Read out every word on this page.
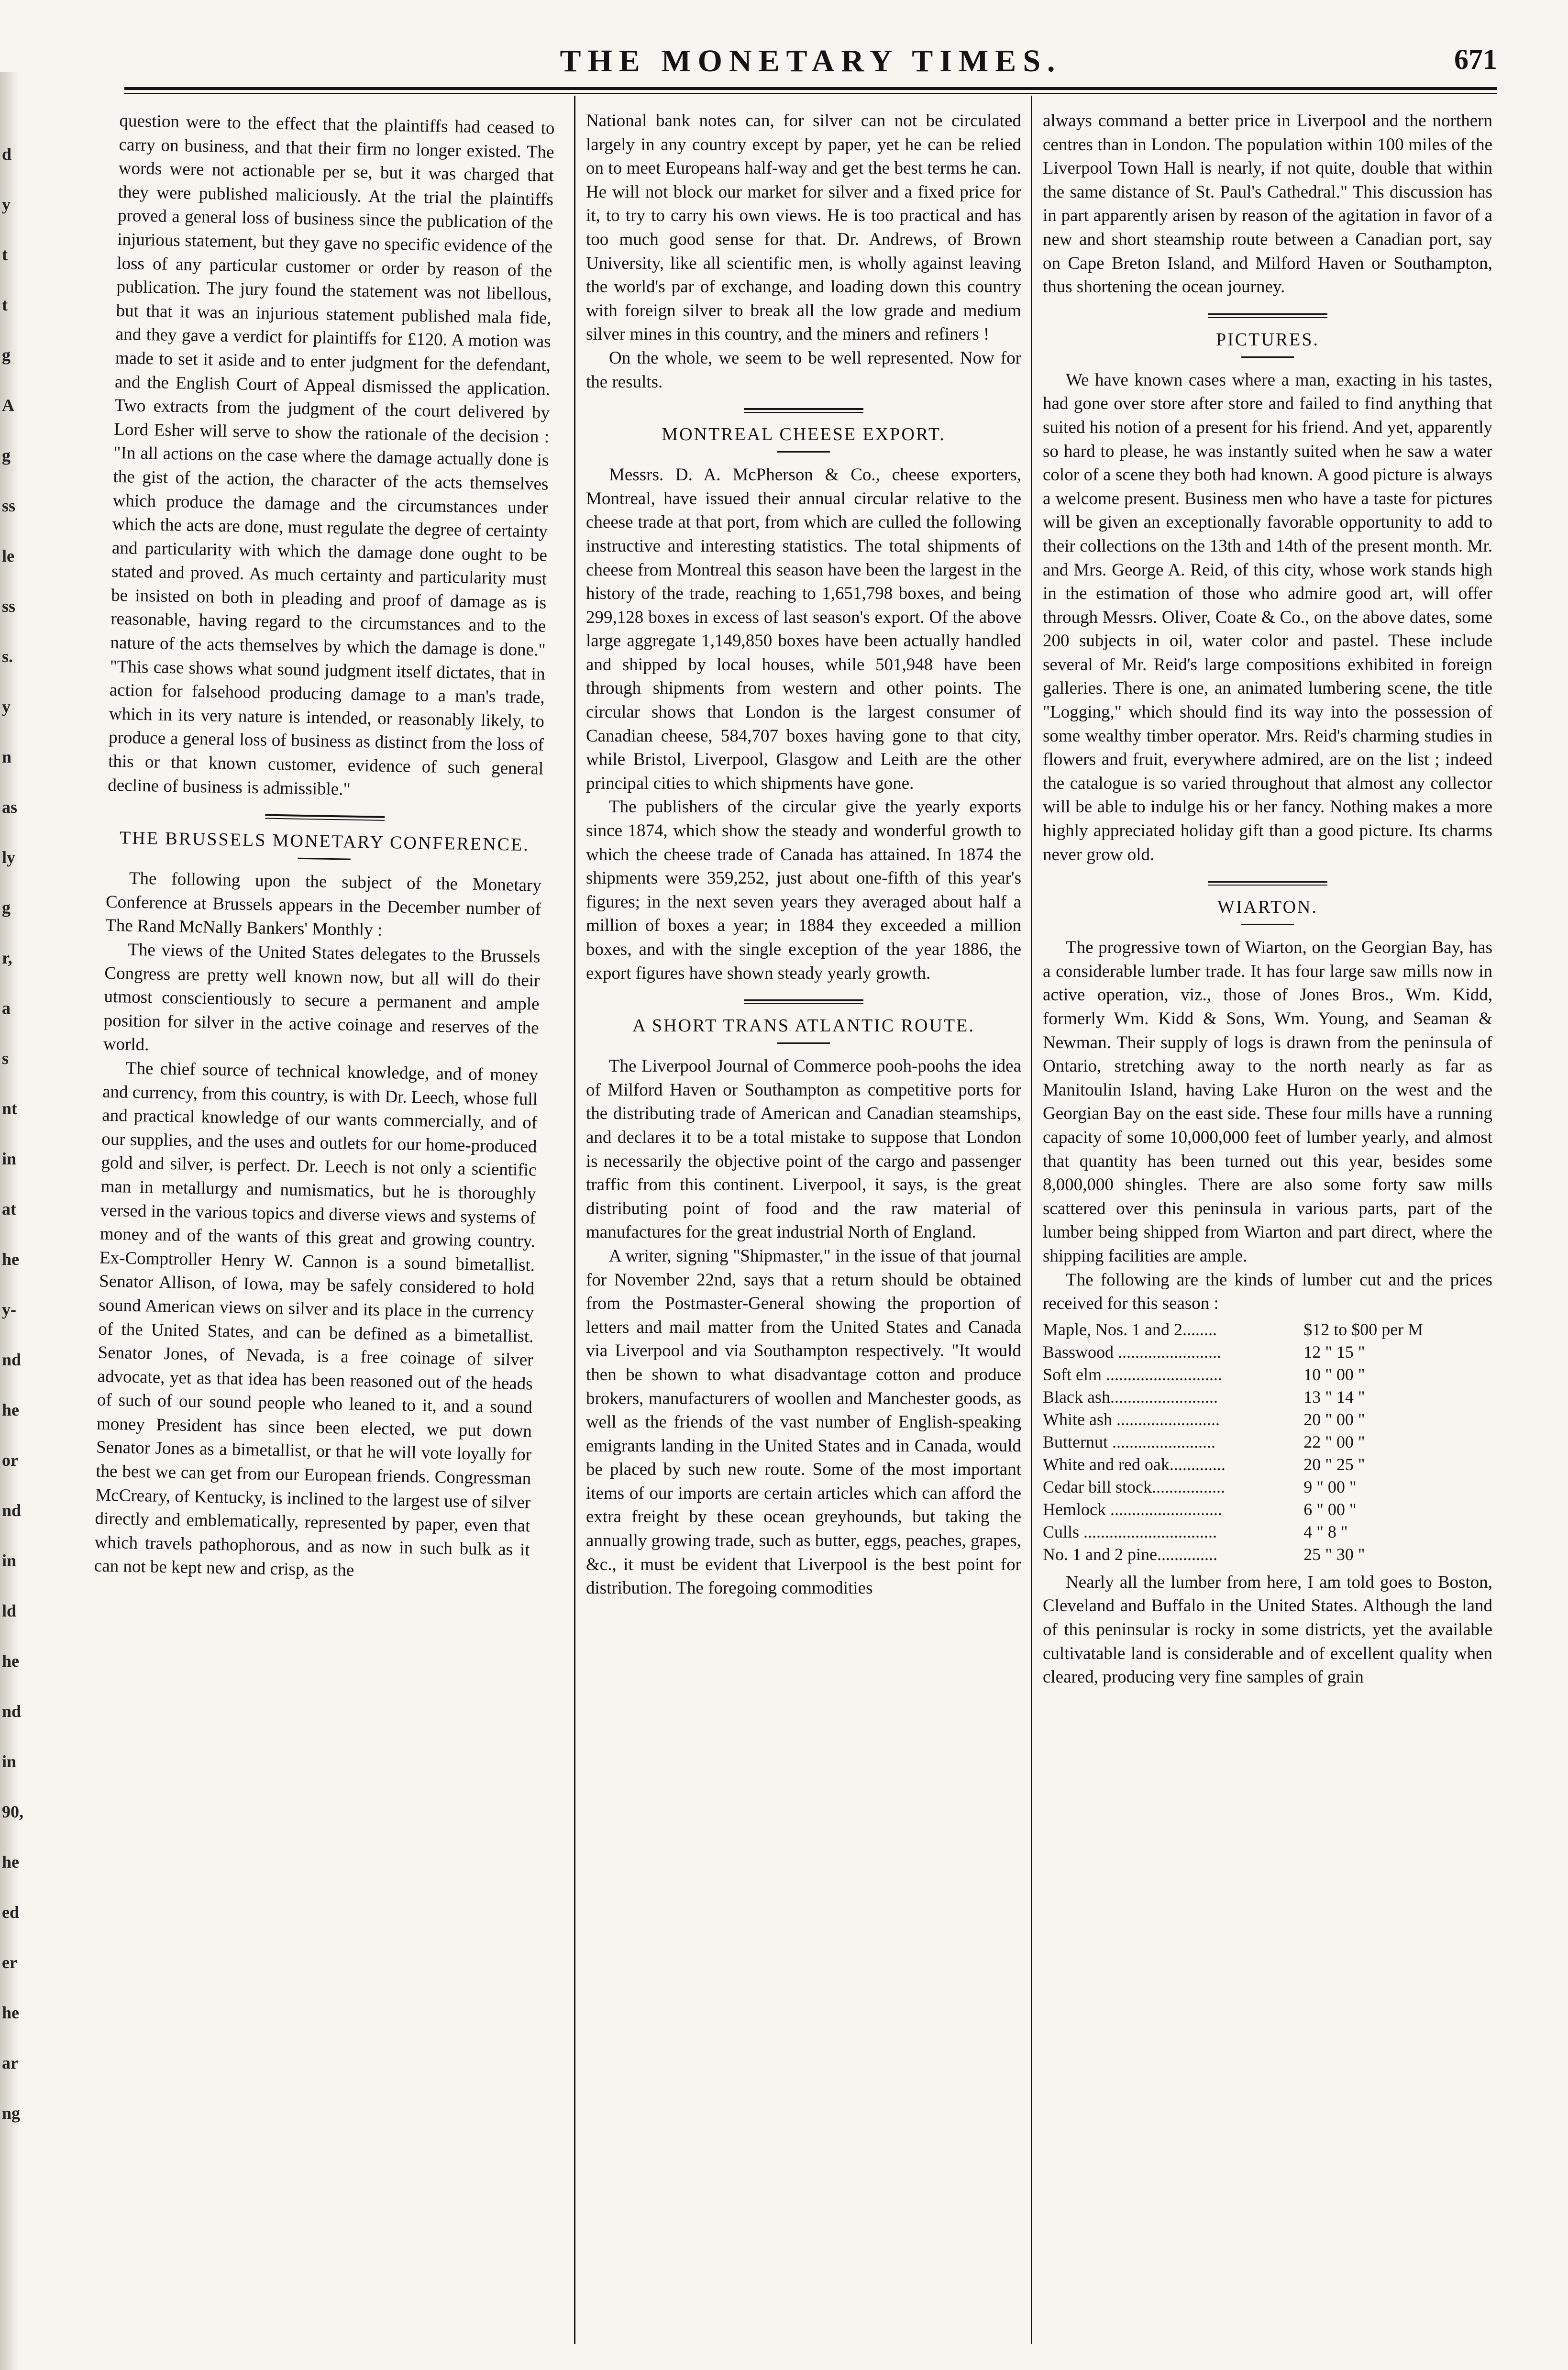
THE MONETARY TIMES.	671

question were to the effect that the plaintiffs had ceased to carry on business, and that their firm no longer existed. The words were not actionable per se, but it was charged that they were published maliciously. At the trial the plaintiffs proved a general loss of business since the publication of the injurious statement, but they gave no specific evidence of the loss of any particular customer or order by reason of the publication. The jury found the statement was not libellous, but that it was an injurious statement published mala fide, and they gave a verdict for plaintiffs for £120. A motion was made to set it aside and to enter judgment for the defendant, and the English Court of Appeal dismissed the application. Two extracts from the judgment of the court delivered by Lord Esher will serve to show the rationale of the decision : "In all actions on the case where the damage actually done is the gist of the action, the character of the acts themselves which produce the damage and the circumstances under which the acts are done, must regulate the degree of certainty and particularity with which the damage done ought to be stated and proved. As much certainty and particularity must be insisted on both in pleading and proof of damage as is reasonable, having regard to the circumstances and to the nature of the acts themselves by which the damage is done." "This case shows what sound judgment itself dictates, that in action for falsehood producing damage to a man's trade, which in its very nature is intended, or reasonably likely, to produce a general loss of business as distinct from the loss of this or that known customer, evidence of such general decline of business is admissible."

THE BRUSSELS MONETARY CONFERENCE.

The following upon the subject of the Monetary Conference at Brussels appears in the December number of The Rand McNally Bankers' Monthly :

The views of the United States delegates to the Brussels Congress are pretty well known now, but all will do their utmost conscientiously to secure a permanent and ample position for silver in the active coinage and reserves of the world.

The chief source of technical knowledge, and of money and currency, from this country, is with Dr. Leech, whose full and practical knowledge of our wants commercially, and of our supplies, and the uses and outlets for our home-produced gold and silver, is perfect. Dr. Leech is not only a scientific man in metallurgy and numismatics, but he is thoroughly versed in the various topics and diverse views and systems of money and of the wants of this great and growing country. Ex-Comptroller Henry W. Cannon is a sound bimetallist. Senator Allison, of Iowa, may be safely considered to hold sound American views on silver and its place in the currency of the United States, and can be defined as a bimetallist. Senator Jones, of Nevada, is a free coinage of silver advocate, yet as that idea has been reasoned out of the heads of such of our sound people who leaned to it, and a sound money President has since been elected, we put down Senator Jones as a bimetallist, or that he will vote loyally for the best we can get from our European friends. Congressman McCreary, of Kentucky, is inclined to the largest use of silver directly and emblematically, represented by paper, even that which travels pathophorous, and as now in such bulk as it can not be kept new and crisp, as the

National bank notes can, for silver can not be circulated largely in any country except by paper, yet he can be relied on to meet Europeans half-way and get the best terms he can. He will not block our market for silver and a fixed price for it, to try to carry his own views. He is too practical and has too much good sense for that. Dr. Andrews, of Brown University, like all scientific men, is wholly against leaving the world's par of exchange, and loading down this country with foreign silver to break all the low grade and medium silver mines in this country, and the miners and refiners !

On the whole, we seem to be well represented. Now for the results.

MONTREAL CHEESE EXPORT.

Messrs. D. A. McPherson & Co., cheese exporters, Montreal, have issued their annual circular relative to the cheese trade at that port, from which are culled the following instructive and interesting statistics. The total shipments of cheese from Montreal this season have been the largest in the history of the trade, reaching to 1,651,798 boxes, and being 299,128 boxes in excess of last season's export. Of the above large aggregate 1,149,850 boxes have been actually handled and shipped by local houses, while 501,948 have been through shipments from western and other points. The circular shows that London is the largest consumer of Canadian cheese, 584,707 boxes having gone to that city, while Bristol, Liverpool, Glasgow and Leith are the other principal cities to which shipments have gone.

The publishers of the circular give the yearly exports since 1874, which show the steady and wonderful growth to which the cheese trade of Canada has attained. In 1874 the shipments were 359,252, just about one-fifth of this year's figures; in the next seven years they averaged about half a million of boxes a year; in 1884 they exceeded a million boxes, and with the single exception of the year 1886, the export figures have shown steady yearly growth.

A SHORT TRANS ATLANTIC ROUTE.

The Liverpool Journal of Commerce pooh-poohs the idea of Milford Haven or Southampton as competitive ports for the distributing trade of American and Canadian steamships, and declares it to be a total mistake to suppose that London is necessarily the objective point of the cargo and passenger traffic from this continent. Liverpool, it says, is the great distributing point of food and the raw material of manufactures for the great industrial North of England.

A writer, signing "Shipmaster," in the issue of that journal for November 22nd, says that a return should be obtained from the Postmaster-General showing the proportion of letters and mail matter from the United States and Canada via Liverpool and via Southampton respectively. "It would then be shown to what disadvantage cotton and produce brokers, manufacturers of woollen and Manchester goods, as well as the friends of the vast number of English-speaking emigrants landing in the United States and in Canada, would be placed by such new route. Some of the most important items of our imports are certain articles which can afford the extra freight by these ocean greyhounds, but taking the annually growing trade, such as butter, eggs, peaches, grapes, &c., it must be evident that Liverpool is the best point for distribution. The foregoing commodities

always command a better price in Liverpool and the northern centres than in London. The population within 100 miles of the Liverpool Town Hall is nearly, if not quite, double that within the same distance of St. Paul's Cathedral." This discussion has in part apparently arisen by reason of the agitation in favor of a new and short steamship route between a Canadian port, say on Cape Breton Island, and Milford Haven or Southampton, thus shortening the ocean journey.

PICTURES.

We have known cases where a man, exacting in his tastes, had gone over store after store and failed to find anything that suited his notion of a present for his friend. And yet, apparently so hard to please, he was instantly suited when he saw a water color of a scene they both had known. A good picture is always a welcome present. Business men who have a taste for pictures will be given an exceptionally favorable opportunity to add to their collections on the 13th and 14th of the present month. Mr. and Mrs. George A. Reid, of this city, whose work stands high in the estimation of those who admire good art, will offer through Messrs. Oliver, Coate & Co., on the above dates, some 200 subjects in oil, water color and pastel. These include several of Mr. Reid's large compositions exhibited in foreign galleries. There is one, an animated lumbering scene, the title "Logging," which should find its way into the possession of some wealthy timber operator. Mrs. Reid's charming studies in flowers and fruit, everywhere admired, are on the list ; indeed the catalogue is so varied throughout that almost any collector will be able to indulge his or her fancy. Nothing makes a more highly appreciated holiday gift than a good picture. Its charms never grow old.

WIARTON.

The progressive town of Wiarton, on the Georgian Bay, has a considerable lumber trade. It has four large saw mills now in active operation, viz., those of Jones Bros., Wm. Kidd, formerly Wm. Kidd & Sons, Wm. Young, and Seaman & Newman. Their supply of logs is drawn from the peninsula of Ontario, stretching away to the north nearly as far as Manitoulin Island, having Lake Huron on the west and the Georgian Bay on the east side. These four mills have a running capacity of some 10,000,000 feet of lumber yearly, and almost that quantity has been turned out this year, besides some 8,000,000 shingles. There are also some forty saw mills scattered over this peninsula in various parts, part of the lumber being shipped from Wiarton and part direct, where the shipping facilities are ample.

The following are the kinds of lumber cut and the prices received for this season :

Maple, Nos. 1 and 2........	$12 to $00 per M
Basswood ........................	12 " 15 "
Soft elm ...........................	10 " 00 "
Black ash.........................	13 " 14 "
White ash ........................	20 " 00 "
Butternut ........................	22 " 00 "
White and red oak.............	20 " 25 "
Cedar bill stock.................	9 " 00 "
Hemlock ..........................	6 " 00 "
Culls ...............................	4 " 8 "
No. 1 and 2 pine..............	25 " 30 "

Nearly all the lumber from here, I am told goes to Boston, Cleveland and Buffalo in the United States. Although the land of this peninsular is rocky in some districts, yet the available cultivatable land is considerable and of excellent quality when cleared, producing very fine samples of grain

d
y
t
t
g
A
g
ss
le
ss
s.
y
n
as
ly
g
r,
a
s
nt
in
at
he
y-
nd
he
or
nd
in
ld
he
nd
in
90,
he
ed
er
he
ar
ng
